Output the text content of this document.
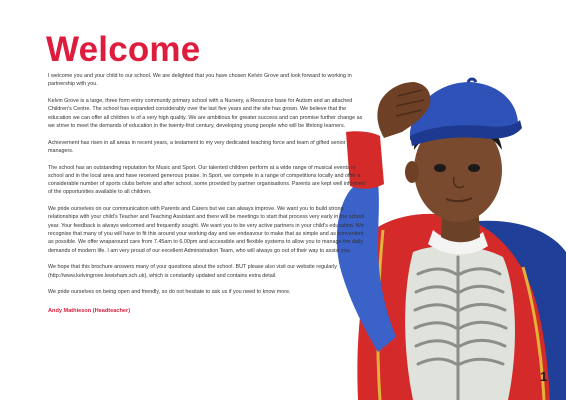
Welcome

I welcome you and your child to our school. We are delighted that you have chosen Kelvin Grove and look forward to working in partnership with you.

Kelvin Grove is a large, three form entry community primary school with a Nursery, a Resource base for Autism and an attached Children's Centre. The school has expanded considerably over the last five years and the site has grown. We believe that the education we can offer all children is of a very high quality. We are ambitious for greater success and can promise further change as we strive to meet the demands of education in the twenty-first century, developing young people who will be lifelong learners.

Achievement has risen in all areas in recent years, a testament to my very dedicated teaching force and team of gifted senior managers.

The school has an outstanding reputation for Music and Sport. Our talented children perform at a wide range of musical events in school and in the local area and have received generous praise. In Sport, we compete in a range of competitions locally and offer a considerable number of sports clubs before and after school, some provided by partner organisations. Parents are kept well informed of the opportunities available to all children.

We pride ourselves on our communication with Parents and Carers but we can always improve. We want you to build strong relationships with your child's Teacher and Teaching Assistant and there will be meetings to start that process very early in the school year. Your feedback is always welcomed and frequently sought. We want you to be very active partners in your child's education. We recognise that many of you will have to fit this around your working day and we endeavour to make that as simple and as convenient as possible. We offer wraparound care from 7.45am to 6.00pm and accessible and flexible systems to allow you to manage the daily demands of modern life. I am very proud of our excellent Administration Team, who will always go out of their way to assist you.

We hope that this brochure answers many of your questions about the school. BUT please also visit our website regularly (http://www.kelvingrove.lewisham.sch.uk), which is constantly updated and contains extra detail.

We pride ourselves on being open and friendly, so do not hesitate to ask us if you need to know more.

Andy Mathieson (Headteacher)
1
